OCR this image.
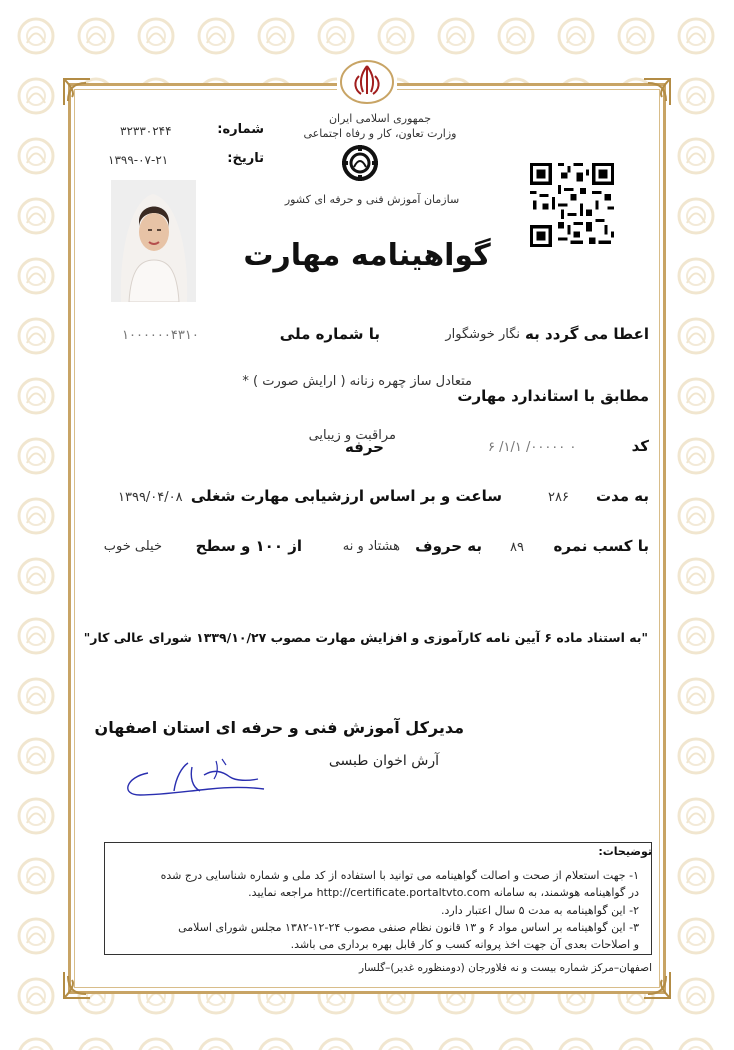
جمهوری اسلامی ایران
وزارت تعاون، کار و رفاه اجتماعی
سازمان آموزش فنی و حرفه ای کشور
شماره:
۳۲۳۳۰۲۴۴
تاریخ:
۱۳۹۹-۰۷-۲۱
گواهینامه مهارت
اعطا می گردد به
نگار خوشگوار
با شماره ملی
۱۰۰۰۰۰۰۴۳۱۰
متعادل ساز چهره زنانه ( ارایش صورت ) *
مطابق با استاندارد مهارت
کد
۶ /۱/۱ /۰۰۰۰۰ ۰
مراقبت و زیبایی
حرفه
به مدت
۲۸۶
ساعت و بر اساس ارزشیابی مهارت شغلی
۱۳۹۹/۰۴/۰۸
با کسب نمره
۸۹
به حروف
هشتاد و نه
از ۱۰۰ و سطح
خیلی خوب
"به استناد ماده ۶ آیین نامه کارآموزی و افزایش مهارت مصوب ۱۳۳۹/۱۰/۲۷ شورای عالی کار"
مدیرکل آموزش فنی و حرفه ای استان اصفهان
آرش اخوان طبسی
توضیحات:
۱- جهت استعلام از صحت و اصالت گواهینامه می توانید با استفاده از کد ملی و شماره شناسایی درج شده
در گواهینامه هوشمند، به سامانه http://certificate.portaltvto.com مراجعه نمایید.
۲- این گواهینامه به مدت ۵ سال اعتبار دارد.
۳- این گواهینامه بر اساس مواد ۶ و ۱۳ قانون نظام صنفی مصوب ۲۴-۱۲-۱۳۸۲ مجلس شورای اسلامی
و اصلاحات بعدی آن جهت اخذ پروانه کسب و کار قابل بهره برداری می باشد.
اصفهان–مرکز شماره بیست و نه فلاورجان (دومنظوره غدیر)–گلسار
